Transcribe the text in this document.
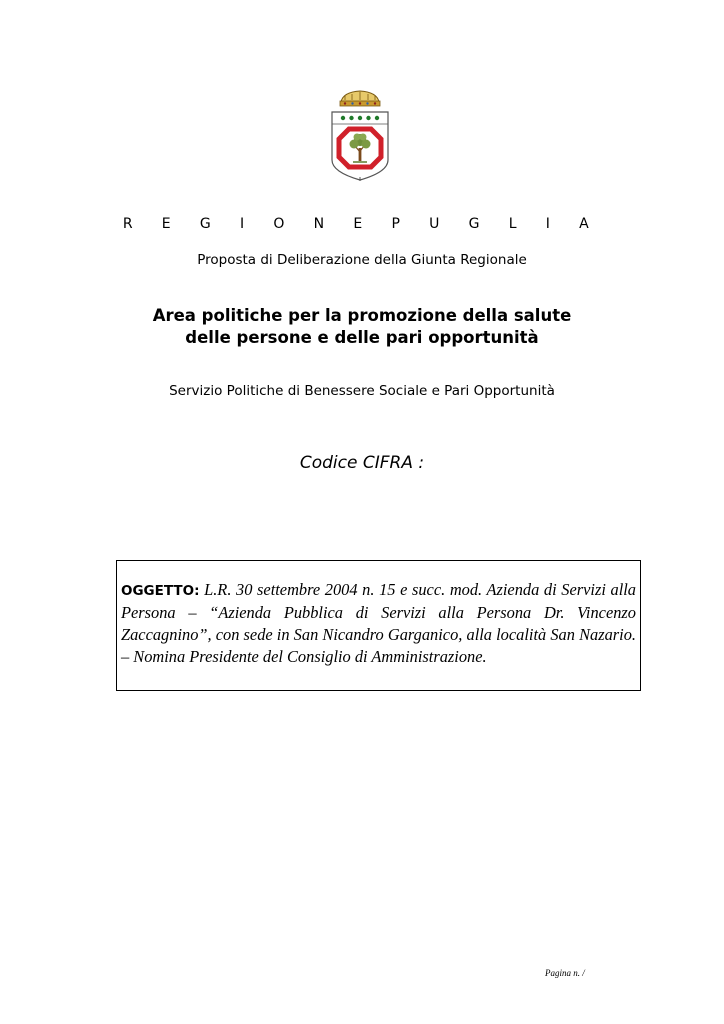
R E G I O N E P U G L I A
Proposta di Deliberazione della Giunta Regionale
Area politiche per la promozione della salute
delle persone e delle pari opportunità
Servizio Politiche di Benessere Sociale e Pari Opportunità
Codice CIFRA :
OGGETTO: L.R. 30 settembre 2004 n. 15 e succ. mod. Azienda di Servizi alla Persona – “Azienda Pubblica di Servizi alla Persona Dr. Vincenzo Zaccagnino”, con sede in San Nicandro Garganico, alla località San Nazario. – Nomina Presidente del Consiglio di Amministrazione.
Pagina n. /
